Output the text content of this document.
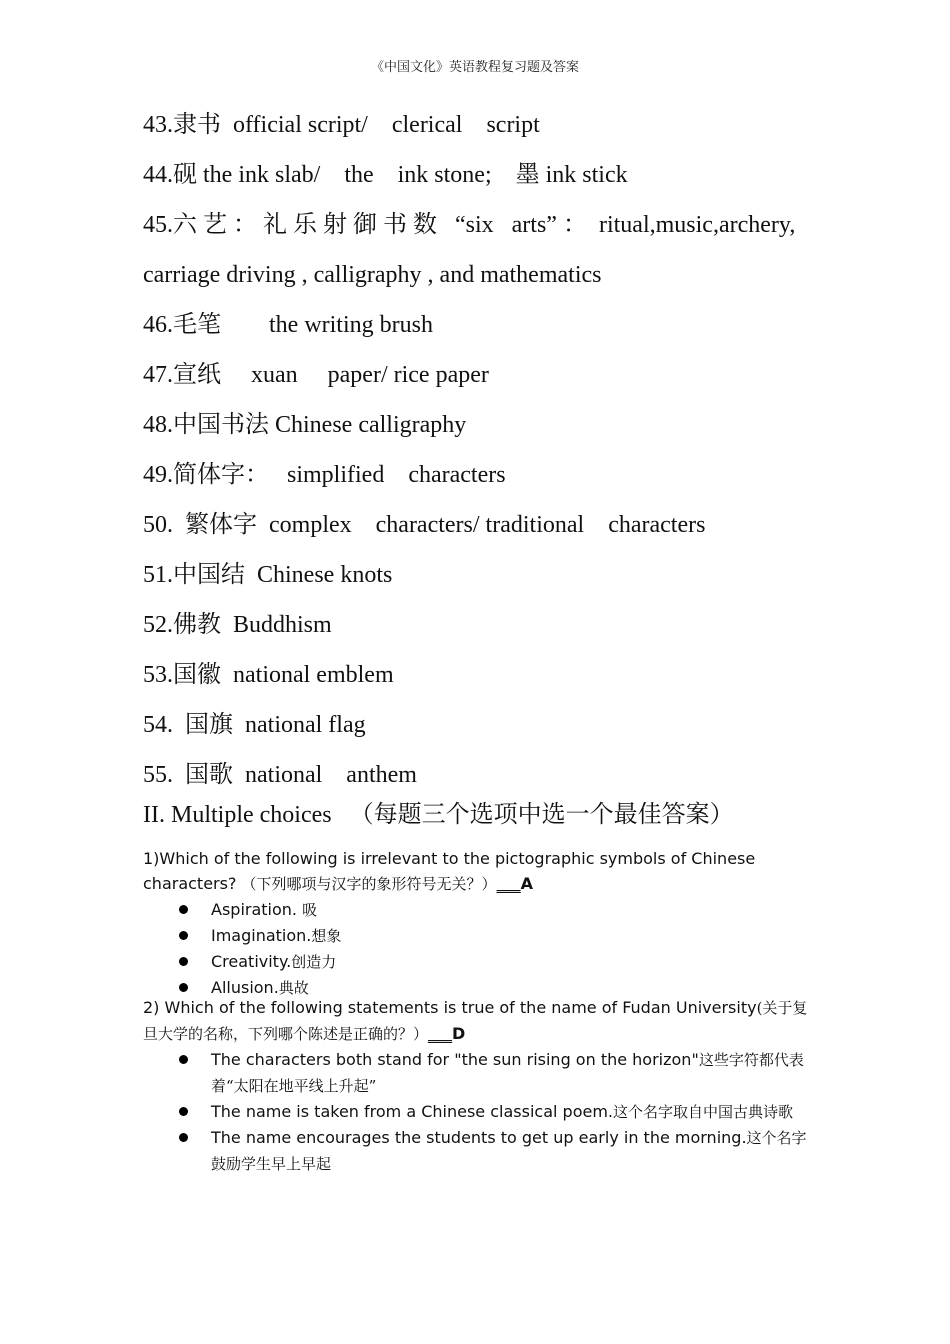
《中国文化》英语教程复习题及答案
43.隶书  official script/    clerical    script
44.砚 the ink slab/    the    ink stone;    墨 ink stick
45.六 艺 ： 礼 乐 射 御 书 数   “six   arts” ：  ritual,music,archery,
carriage driving , calligraphy , and mathematics
46.毛笔        the writing brush
47.宣纸     xuan     paper/ rice paper
48.中国书法 Chinese calligraphy
49.简体字：   simplified    characters
50.  繁体字  complex    characters/ traditional    characters
51.中国结  Chinese knots
52.佛教  Buddhism
53.国徽  national emblem
54.  国旗  national flag
55.  国歌  national    anthem
II. Multiple choices   （每题三个选项中选一个最佳答案）

1)Which of the following is irrelevant to the pictographic symbols of Chinese characters? （下列哪项与汉字的象形符号无关？）___A

Aspiration. 吸
Imagination.想象
Creativity.创造力
Allusion.典故

2) Which of the following statements is true of the name of Fudan University(关于复旦大学的名称，下列哪个陈述是正确的？）___D

The characters both stand for "the sun rising on the horizon"这些字符都代表着“太阳在地平线上升起”
The name is taken from a Chinese classical poem.这个名字取自中国古典诗歌
The name encourages the students to get up early in the morning.这个名字鼓励学生早上早起
